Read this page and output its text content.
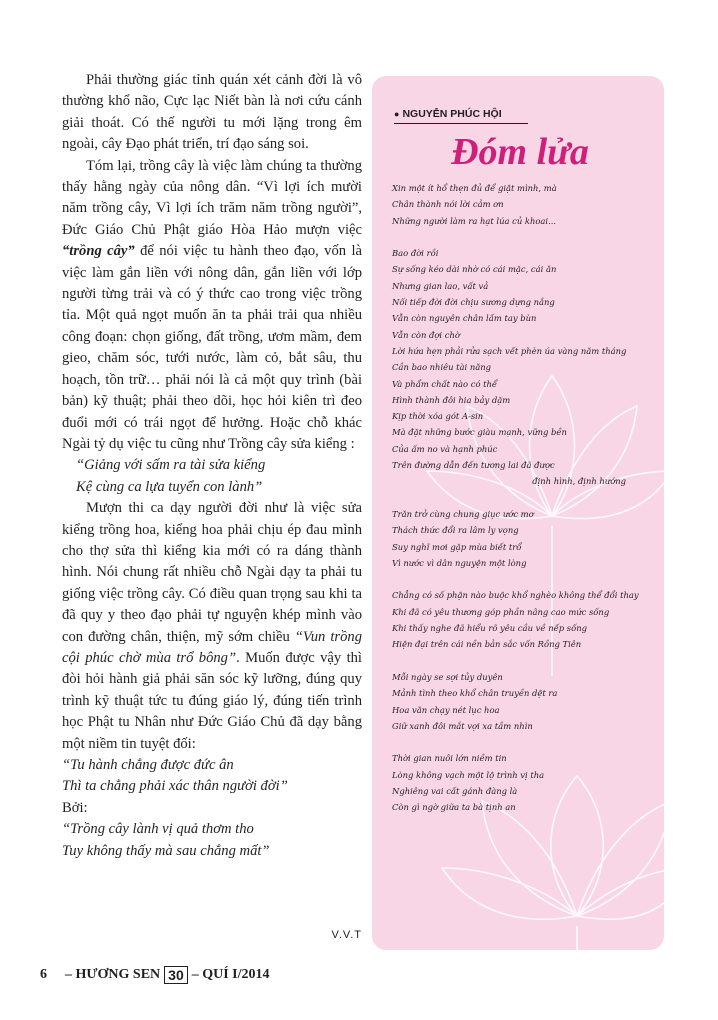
Phải thường giác tỉnh quán xét cảnh đời là vô thường khổ não, Cực lạc Niết bàn là nơi cứu cánh giải thoát. Có thế người tu mới lặng trong êm ngoài, cây Đạo phát triển, trí đạo sáng soi.

Tóm lại, trồng cây là việc làm chúng ta thường thấy hằng ngày của nông dân. “Vì lợi ích mười năm trồng cây, Vì lợi ích trăm năm trồng người”, Đức Giáo Chủ Phật giáo Hòa Hảo mượn việc “trồng cây” để nói việc tu hành theo đạo, vốn là việc làm gắn liền với nông dân, gắn liền với lớp người từng trải và có ý thức cao trong việc trồng tỉa. Một quả ngọt muốn ăn ta phải trải qua nhiều công đoạn: chọn giống, đất trồng, ươm mầm, đem gieo, chăm sóc, tưới nước, làm cỏ, bắt sâu, thu hoạch, tồn trữ… phải nói là cả một quy trình (bài bản) kỹ thuật; phải theo dõi, học hỏi kiên trì đeo đuổi mới có trái ngọt để hưởng. Hoặc chỗ khác Ngài tỷ dụ việc tu cũng như Trồng cây sửa kiểng :

“Giảng với sấm ra tài sửa kiểng

Kệ cùng ca lựa tuyển con lành”

Mượn thi ca dạy người đời như là việc sửa kiểng trồng hoa, kiểng hoa phải chịu ép đau mình cho thợ sửa thì kiểng kia mới có ra dáng thành hình. Nói chung rất nhiều chỗ Ngài dạy ta phải tu giống việc trồng cây. Có điều quan trọng sau khi ta đã quy y theo đạo phải tự nguyện khép mình vào con đường chân, thiện, mỹ sớm chiều “Vun trồng cội phúc chờ mùa trổ bông”. Muốn được vậy thì đòi hỏi hành giả phải săn sóc kỹ lưỡng, đúng quy trình kỹ thuật tức tu đúng giáo lý, đúng tiến trình học Phật tu Nhân như Đức Giáo Chủ đã dạy bằng một niềm tin tuyệt đối:

“Tu hành chẳng được đức ân

Thì ta chẳng phải xác thân người đời”

Bởi:

“Trồng cây lành vị quả thơm tho

Tuy không thấy mà sau chẳng mất”

V.V.T
6 – HƯƠNG SEN 30 – QUÍ I/2014
● NGUYỄN PHÚC HỘI
Đóm lửa
Xin một ít hổ thẹn đủ để giật mình, mà
Chân thành nói lời cảm ơn
Những người làm ra hạt lúa củ khoai...
Bao đời rồi
Sự sống kéo dài nhờ có cái mặc, cái ăn
Nhưng gian lao, vất vả
Nối tiếp đời đời chịu sương dựng nắng
Vẫn còn nguyên chân lấm tay bùn
Vẫn còn đợi chờ
Lời hứa hẹn phải rửa sạch vết phèn úa vàng năm tháng
Cần bao nhiêu tài năng
Và phẩm chất nào có thể
Hình thành đôi hia bảy dặm
Kịp thời xóa gót A-sin
Mà đặt những bước giàu mạnh, vững bền
Của ấm no và hạnh phúc
Trên đường dẫn đến tương lai đã được
định hình, định hướng
Trăn trở cùng chung giục ước mơ
Thách thức đổi ra lâm ly vọng
Suy nghĩ mơi gặp mùa biết trổ
Vì nước vì dân nguyện một lòng
Chẳng có số phận nào buộc khổ nghèo không thể đổi thay
Khi đã có yêu thương góp phần nâng cao mức sống
Khi thấy nghe đã hiểu rõ yêu cầu về nếp sống
Hiện đại trên cái nền bản sắc vốn Rồng Tiên
Mỗi ngày se sợi tủy duyên
Mảnh tình theo khổ chân truyền dệt ra
Hoa văn chạy nét lục hoa
Giữ xanh đôi mắt vợi xa tầm nhìn
Thời gian nuôi lớn niềm tin
Lòng không vạch một lộ trình vị tha
Nghiêng vai cất gánh đàng là
Còn gì ngờ giữa ta bà tịnh an
